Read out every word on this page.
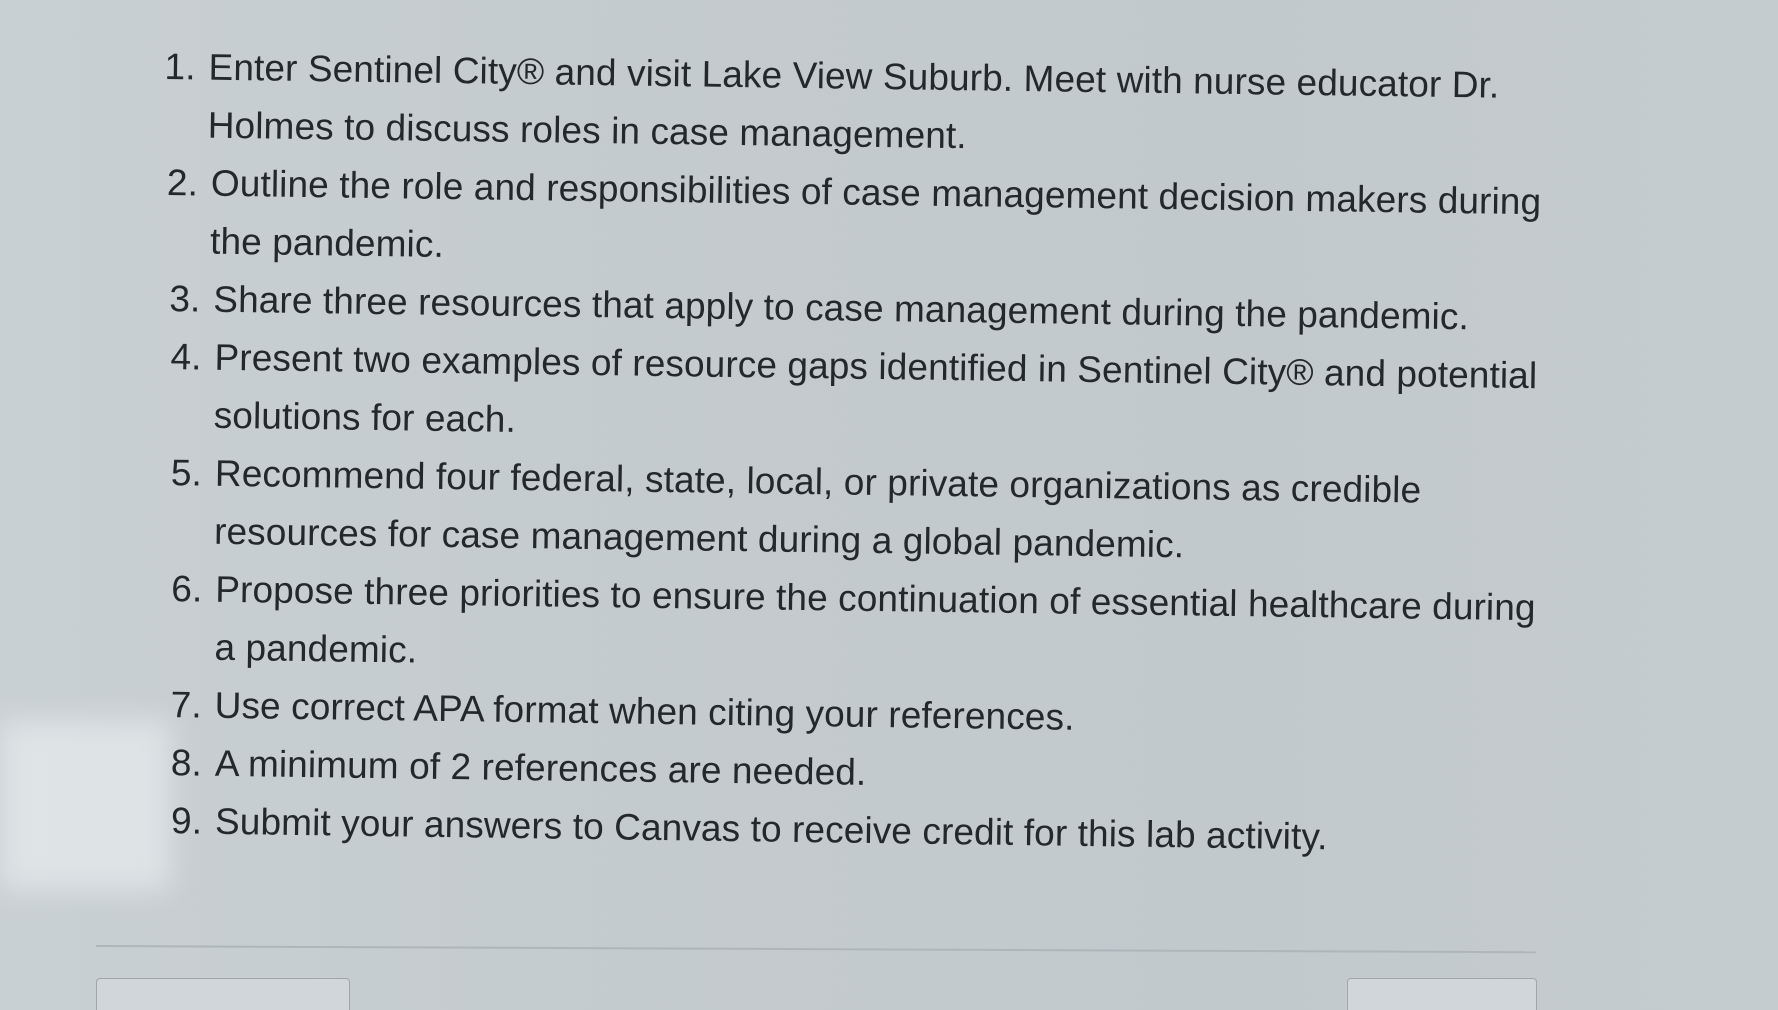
1. Enter Sentinel City® and visit Lake View Suburb. Meet with nurse educator Dr. Holmes to discuss roles in case management.
2. Outline the role and responsibilities of case management decision makers during the pandemic.
3. Share three resources that apply to case management during the pandemic.
4. Present two examples of resource gaps identified in Sentinel City® and potential solutions for each.
5. Recommend four federal, state, local, or private organizations as credible resources for case management during a global pandemic.
6. Propose three priorities to ensure the continuation of essential healthcare during a pandemic.
7. Use correct APA format when citing your references.
8. A minimum of 2 references are needed.
9. Submit your answers to Canvas to receive credit for this lab activity.
